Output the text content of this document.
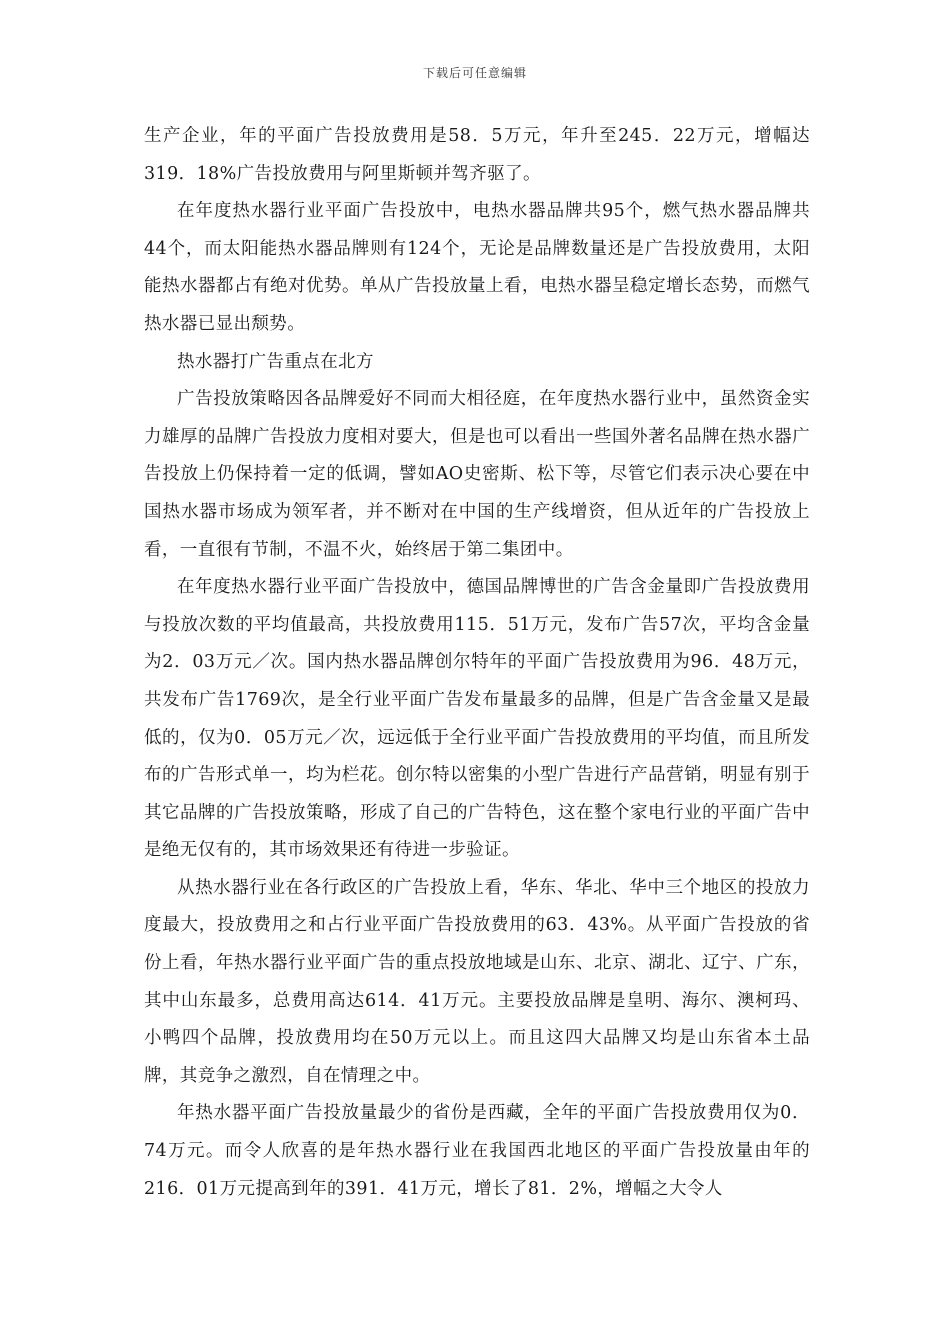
下载后可任意编辑

生产企业，年的平面广告投放费用是58．5万元，年升至245．22万元，增幅达319．18%广告投放费用与阿里斯顿并驾齐驱了。

在年度热水器行业平面广告投放中，电热水器品牌共95个，燃气热水器品牌共44个，而太阳能热水器品牌则有124个，无论是品牌数量还是广告投放费用，太阳能热水器都占有绝对优势。单从广告投放量上看，电热水器呈稳定增长态势，而燃气热水器已显出颓势。

热水器打广告重点在北方

广告投放策略因各品牌爱好不同而大相径庭，在年度热水器行业中，虽然资金实力雄厚的品牌广告投放力度相对要大，但是也可以看出一些国外著名品牌在热水器广告投放上仍保持着一定的低调，譬如AO史密斯、松下等，尽管它们表示决心要在中国热水器市场成为领军者，并不断对在中国的生产线增资，但从近年的广告投放上看，一直很有节制，不温不火，始终居于第二集团中。

在年度热水器行业平面广告投放中，德国品牌博世的广告含金量即广告投放费用与投放次数的平均值最高，共投放费用115．51万元，发布广告57次，平均含金量为2．03万元／次。国内热水器品牌创尔特年的平面广告投放费用为96．48万元，共发布广告1769次，是全行业平面广告发布量最多的品牌，但是广告含金量又是最低的，仅为0．05万元／次，远远低于全行业平面广告投放费用的平均值，而且所发布的广告形式单一，均为栏花。创尔特以密集的小型广告进行产品营销，明显有别于其它品牌的广告投放策略，形成了自己的广告特色，这在整个家电行业的平面广告中是绝无仅有的，其市场效果还有待进一步验证。

从热水器行业在各行政区的广告投放上看，华东、华北、华中三个地区的投放力度最大，投放费用之和占行业平面广告投放费用的63．43%。从平面广告投放的省份上看，年热水器行业平面广告的重点投放地域是山东、北京、湖北、辽宁、广东，其中山东最多，总费用高达614．41万元。主要投放品牌是皇明、海尔、澳柯玛、小鸭四个品牌，投放费用均在50万元以上。而且这四大品牌又均是山东省本土品牌，其竞争之激烈，自在情理之中。

年热水器平面广告投放量最少的省份是西藏，全年的平面广告投放费用仅为0．74万元。而令人欣喜的是年热水器行业在我国西北地区的平面广告投放量由年的216．01万元提高到年的391．41万元，增长了81．2%，增幅之大令人
